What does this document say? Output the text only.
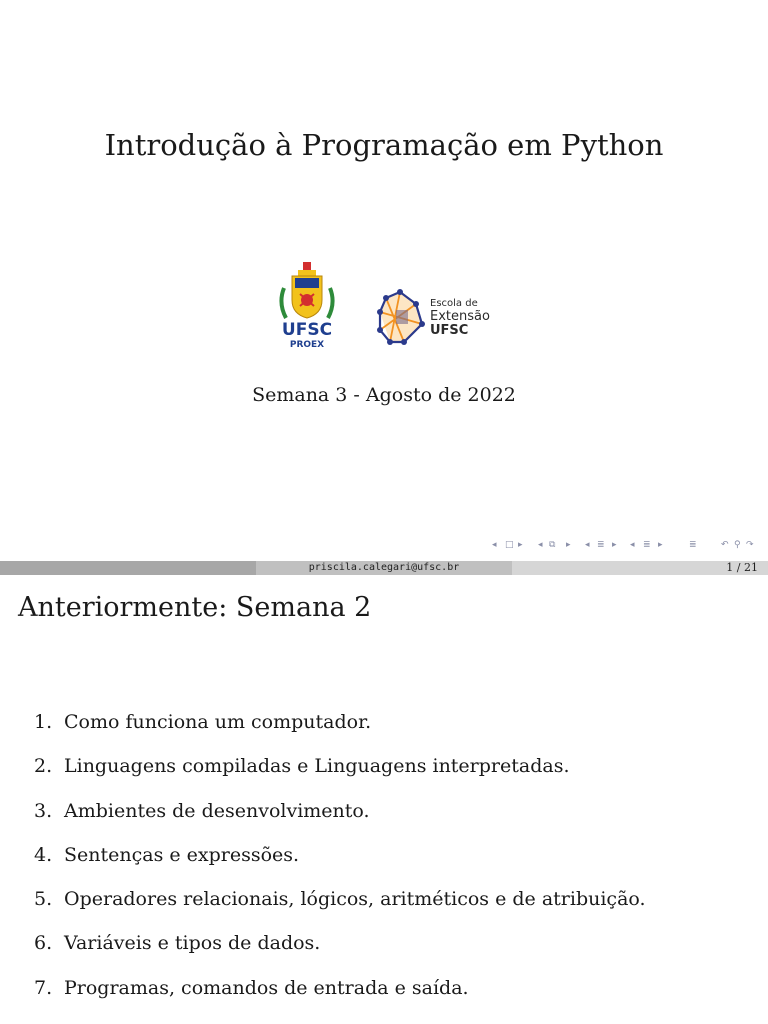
Introdução à Programação em Python
UFSC
PROEX
Escola de
Extensão
UFSC
Semana 3 - Agosto de 2022
◂ □ ▸ ◂ ⧉ ▸ ◂ ≣ ▸ ◂ ≣ ▸	≣	↶ ⚲ ↷
priscila.calegari@ufsc.br	1 / 21
Anteriormente: Semana 2
1. Como funciona um computador.
2. Linguagens compiladas e Linguagens interpretadas.
3. Ambientes de desenvolvimento.
4. Sentenças e expressões.
5. Operadores relacionais, lógicos, aritméticos e de atribuição.
6. Variáveis e tipos de dados.
7. Programas, comandos de entrada e saída.
